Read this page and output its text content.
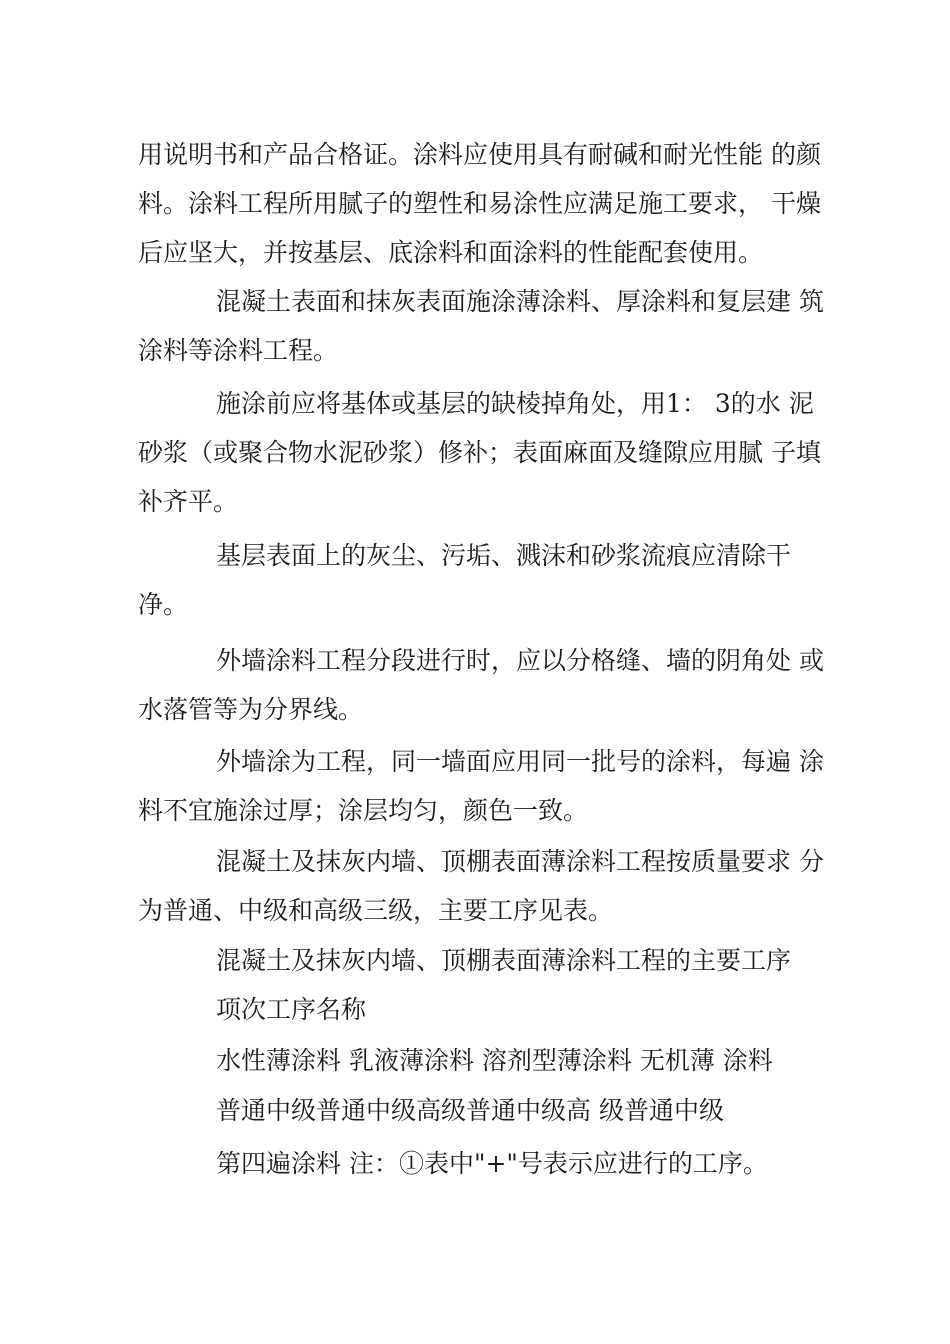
用说明书和产品合格证。涂料应使用具有耐碱和耐光性能 的颜
料。涂料工程所用腻子的塑性和易涂性应满足施工要求， 干燥
后应坚大，并按基层、底涂料和面涂料的性能配套使用。
混凝土表面和抹灰表面施涂薄涂料、厚涂料和复层建 筑
涂料等涂料工程。
施涂前应将基体或基层的缺棱掉角处，用1： 3的水 泥
砂浆（或聚合物水泥砂浆）修补；表面麻面及缝隙应用腻 子填
补齐平。
基层表面上的灰尘、污垢、溅沫和砂浆流痕应清除干
净。
外墙涂料工程分段进行时，应以分格缝、墙的阴角处 或
水落管等为分界线。
外墙涂为工程，同一墙面应用同一批号的涂料，每遍 涂
料不宜施涂过厚；涂层均匀，颜色一致。
混凝土及抹灰内墙、顶棚表面薄涂料工程按质量要求 分
为普通、中级和高级三级，主要工序见表。
混凝土及抹灰内墙、顶棚表面薄涂料工程的主要工序
项次工序名称
水性薄涂料 乳液薄涂料 溶剂型薄涂料 无机薄 涂料
普通中级普通中级高级普通中级高 级普通中级
第四遍涂料 注：①表中"+"号表示应进行的工序。
